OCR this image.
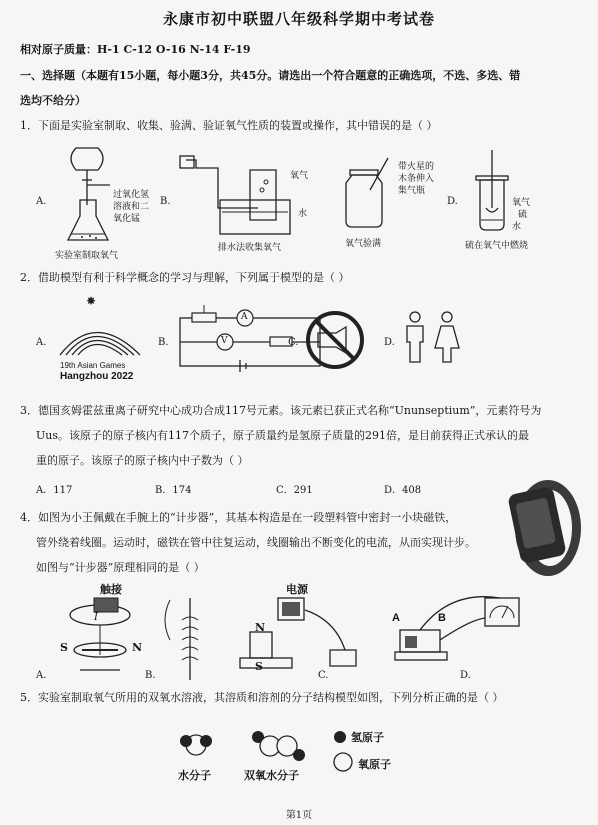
永康市初中联盟八年级科学期中考试卷
相对原子质量：H-1 C-12 O-16 N-14 F-19
一、选择题（本题有15小题，每小题3分，共45分。请选出一个符合题意的正确选项，不选、多选、错
选均不给分）
1．下面是实验室制取、收集、验满、验证氧气性质的装置或操作，其中错误的是（ ）
A.
过氧化氢
溶液和二
氧化锰
实验室制取氧气
B.
氧气
水
排水法收集氧气
带火星的
木条伸入
集气瓶
氧气验满
D.	氧气
硫
水
硫在氧气中燃烧
2．借助模型有利于科学概念的学习与理解，下列属于模型的是（ ）
✸
A.
19th Asian Games
Hangzhou 2022
B.
A
V	C.	D.
3．德国亥姆霍兹重离子研究中心成功合成117号元素。该元素已获正式名称“Ununseptium”，元素符号为
Uus。该原子的原子核内有117个质子，原子质量约是氢原子质量的291倍，是目前获得正式承认的最
重的原子。该原子的原子核内中子数为（ ）
A．117	B．174	C．291	D．408
4．如图为小王佩戴在手腕上的“计步器”，其基本构造是在一段塑料管中密封一小块磁铁，
管外绕着线圈。运动时，磁铁在管中往复运动，线圈输出不断变化的电流，从而实现计步。
如图与“计步器”原理相同的是（ ）
触接
I
S	N
A.	B.
电源
N
S
C.
A	B
D.
5．实验室制取氧气所用的双氧水溶液，其溶质和溶剂的分子结构模型如图，下列分析正确的是（ ）
氢原子
氧原子
水分子	双氧水分子
第1页
